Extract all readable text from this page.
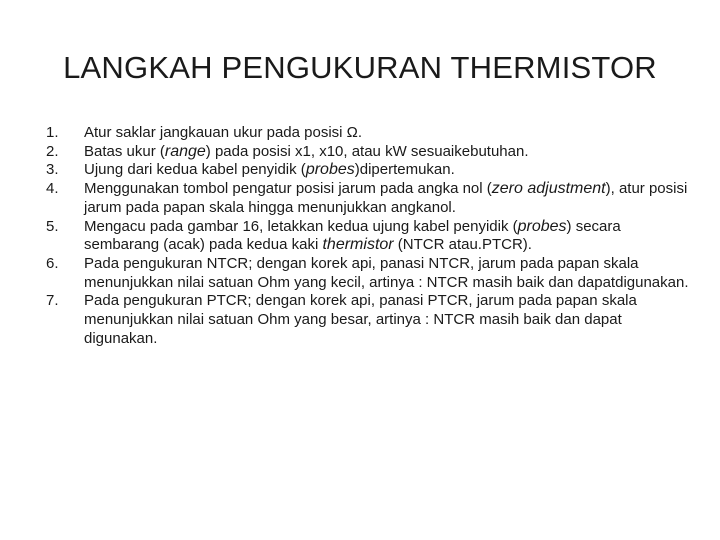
LANGKAH PENGUKURAN THERMISTOR
1.	Atur saklar jangkauan ukur pada posisi Ω.
2.	Batas ukur (range) pada posisi x1, x10, atau kW sesuaikebutuhan.
3.	Ujung dari kedua kabel penyidik (probes)dipertemukan.
4.	Menggunakan tombol pengatur posisi jarum pada angka nol (zero adjustment), atur posisi jarum pada papan skala hingga menunjukkan angkanol.
5.	Mengacu pada gambar 16, letakkan kedua ujung kabel penyidik (probes) secara sembarang (acak) pada kedua kaki thermistor (NTCR atau.PTCR).
6.	Pada pengukuran NTCR; dengan korek api, panasi NTCR, jarum pada papan skala menunjukkan nilai satuan Ohm yang kecil, artinya : NTCR masih baik dan dapatdigunakan.
7.	Pada pengukuran PTCR; dengan korek api, panasi PTCR, jarum pada papan skala menunjukkan nilai satuan Ohm yang besar, artinya : NTCR masih baik dan dapat digunakan.
